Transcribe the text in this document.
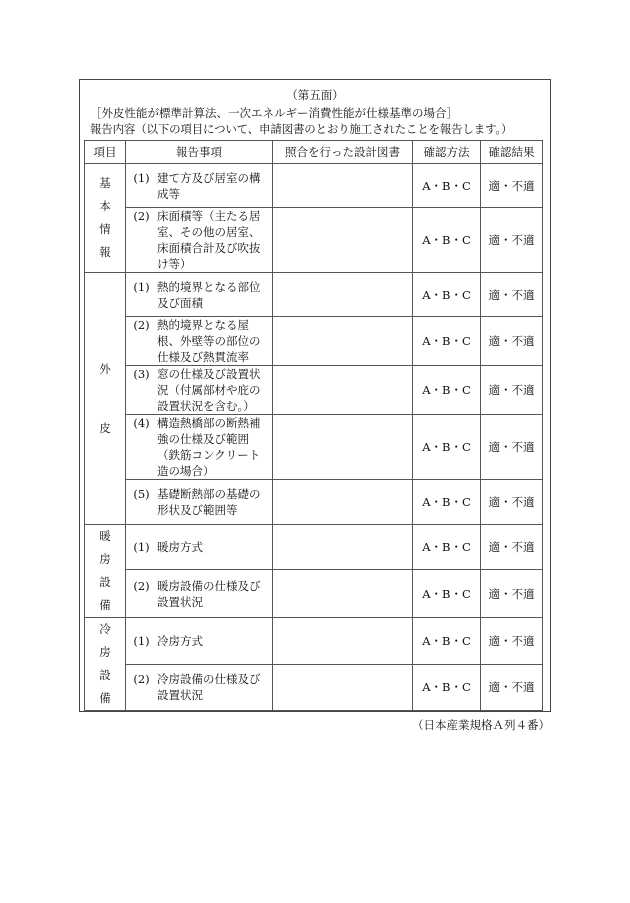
（第五面）
［外皮性能が標準計算法、一次エネルギー消費性能が仕様基準の場合］
報告内容（以下の項目について、申請図書のとおり施工されたことを報告します。）
項目	報告事項	照合を行った設計図書	確認方法	確認結果

基
本
情
報	(1) 建て方及び居室の構成等		A・B・C	適・不適

	(2) 床面積等（主たる居室、その他の居室、床面積合計及び吹抜け等）		A・B・C	適・不適

外
皮	(1) 熱的境界となる部位及び面積		A・B・C	適・不適

	(2) 熱的境界となる屋根、外壁等の部位の仕様及び熱貫流率		A・B・C	適・不適

	(3) 窓の仕様及び設置状況（付属部材や庇の設置状況を含む。）		A・B・C	適・不適

	(4) 構造熱橋部の断熱補強の仕様及び範囲（鉄筋コンクリート造の場合）		A・B・C	適・不適

	(5) 基礎断熱部の基礎の形状及び範囲等		A・B・C	適・不適

暖
房
設
備	(1) 暖房方式		A・B・C	適・不適

	(2) 暖房設備の仕様及び設置状況		A・B・C	適・不適

冷
房
設
備	(1) 冷房方式		A・B・C	適・不適

	(2) 冷房設備の仕様及び設置状況		A・B・C	適・不適
（日本産業規格Ａ列４番）
